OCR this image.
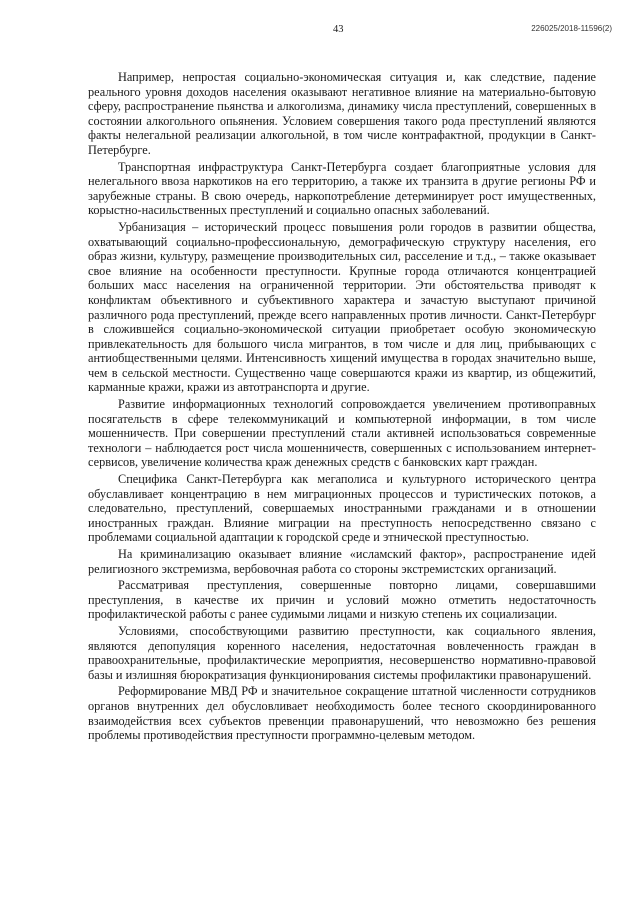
43	226025/2018-11596(2)

Например, непростая социально-экономическая ситуация и, как следствие, падение реального уровня доходов населения оказывают негативное влияние на материально-бытовую сферу, распространение пьянства и алкоголизма, динамику числа преступлений, совершенных в состоянии алкогольного опьянения. Условием совершения такого рода преступлений являются факты нелегальной реализации алкогольной, в том числе контрафактной, продукции в Санкт-Петербурге.

Транспортная инфраструктура Санкт-Петербурга создает благоприятные условия для нелегального ввоза наркотиков на его территорию, а также их транзита в другие регионы РФ и зарубежные страны. В свою очередь, наркопотребление детерминирует рост имущественных, корыстно-насильственных преступлений и социально опасных заболеваний.

Урбанизация – исторический процесс повышения роли городов в развитии общества, охватывающий социально-профессиональную, демографическую структуру населения, его образ жизни, культуру, размещение производительных сил, расселение и т.д., – также оказывает свое влияние на особенности преступности. Крупные города отличаются концентрацией больших масс населения на ограниченной территории. Эти обстоятельства приводят к конфликтам объективного и субъективного характера и зачастую выступают причиной различного рода преступлений, прежде всего направленных против личности. Санкт-Петербург в сложившейся социально-экономической ситуации приобретает особую экономическую привлекательность для большого числа мигрантов, в том числе и для лиц, прибывающих с антиобщественными целями. Интенсивность хищений имущества в городах значительно выше, чем в сельской местности. Существенно чаще совершаются кражи из квартир, из общежитий, карманные кражи, кражи из автотранспорта и другие.

Развитие информационных технологий сопровождается увеличением противоправных посягательств в сфере телекоммуникаций и компьютерной информации, в том числе мошенничеств. При совершении преступлений стали активней использоваться современные технологи – наблюдается рост числа мошенничеств, совершенных с использованием интернет-сервисов, увеличение количества краж денежных средств с банковских карт граждан.

Специфика Санкт-Петербурга как мегаполиса и культурного исторического центра обуславливает концентрацию в нем миграционных процессов и туристических потоков, а следовательно, преступлений, совершаемых иностранными гражданами и в отношении иностранных граждан. Влияние миграции на преступность непосредственно связано с проблемами социальной адаптации к городской среде и этнической преступностью.

На криминализацию оказывает влияние «исламский фактор», распространение идей религиозного экстремизма, вербовочная работа со стороны экстремистских организаций.

Рассматривая преступления, совершенные повторно лицами, совершавшими преступления, в качестве их причин и условий можно отметить недостаточность профилактической работы с ранее судимыми лицами и низкую степень их социализации.

Условиями, способствующими развитию преступности, как социального явления, являются депопуляция коренного населения, недостаточная вовлеченность граждан в правоохранительные, профилактические мероприятия, несовершенство нормативно-правовой базы и излишняя бюрократизация функционирования системы профилактики правонарушений.

Реформирование МВД РФ и значительное сокращение штатной численности сотрудников органов внутренних дел обусловливает необходимость более тесного скоординированного взаимодействия всех субъектов превенции правонарушений, что невозможно без решения проблемы противодействия преступности программно-целевым методом.
